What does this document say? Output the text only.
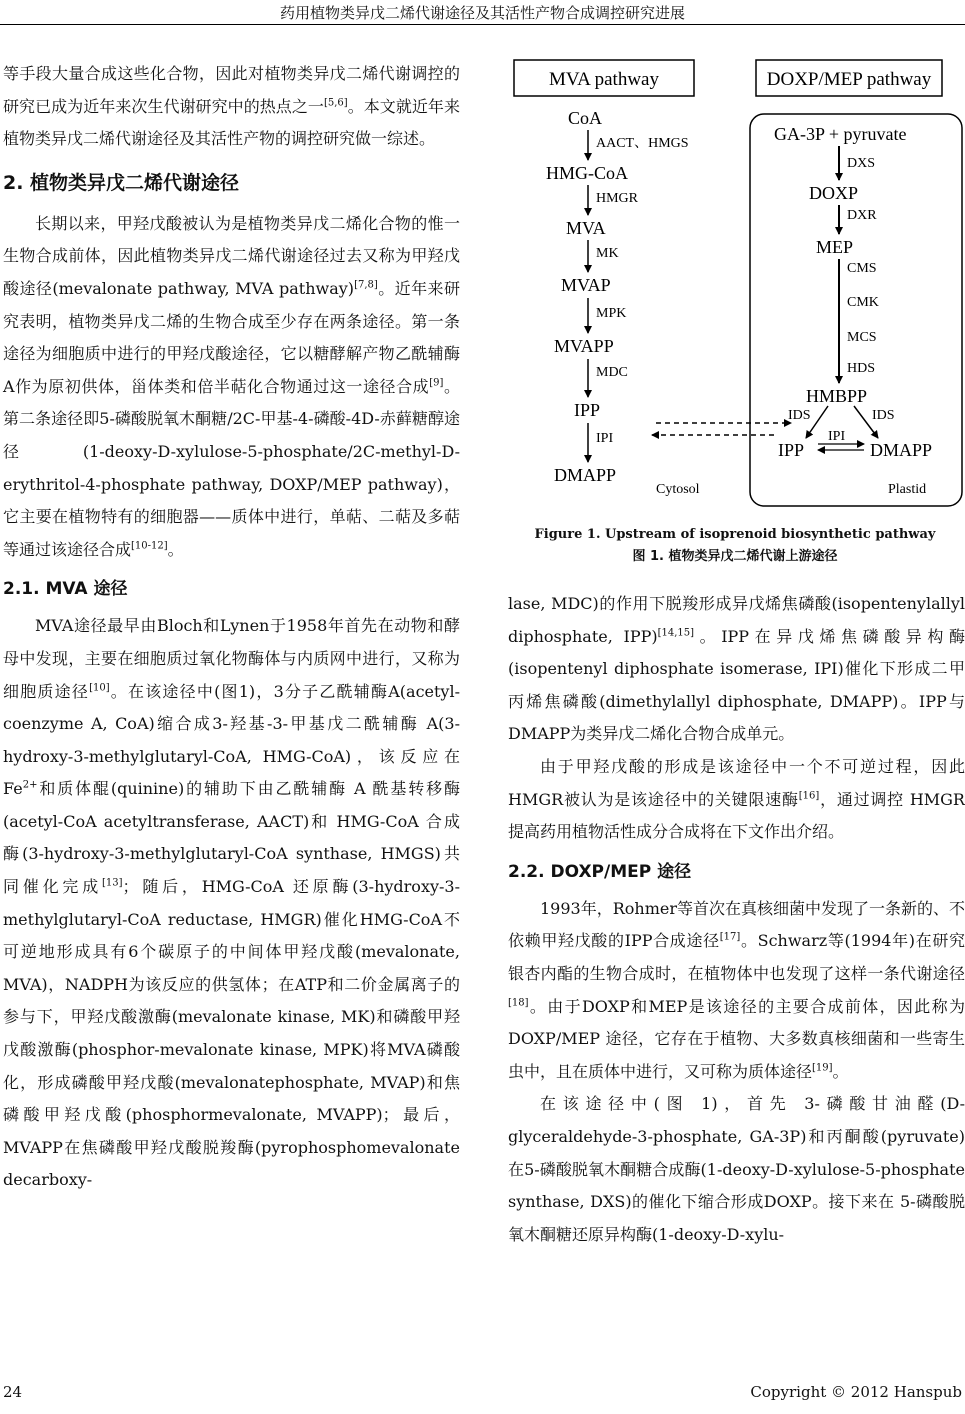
药用植物类异戊二烯代谢途径及其活性产物合成调控研究进展

等手段大量合成这些化合物，因此对植物类异戊二烯代谢调控的研究已成为近年来次生代谢研究中的热点之一[5,6]。本文就近年来植物类异戊二烯代谢途径及其活性产物的调控研究做一综述。

2. 植物类异戊二烯代谢途径

长期以来，甲羟戊酸被认为是植物类异戊二烯化合物的惟一生物合成前体，因此植物类异戊二烯代谢途径过去又称为甲羟戊酸途径(mevalonate pathway, MVA pathway)[7,8]。近年来研究表明，植物类异戊二烯的生物合成至少存在两条途径。第一条途径为细胞质中进行的甲羟戊酸途径，它以糖酵解产物乙酰辅酶A作为原初供体，甾体类和倍半萜化合物通过这一途径合成[9]。第二条途径即5-磷酸脱氧木酮糖/2C-甲基-4-磷酸-4D-赤藓糖醇途径(1-deoxy-D-xylulose-5-phosphate/2C-methyl-D-erythritol-4-phosphate pathway, DOXP/MEP pathway)，它主要在植物特有的细胞器——质体中进行，单萜、二萜及多萜等通过该途径合成[10-12]。

2.1. MVA 途径

MVA途径最早由Bloch和Lynen于1958年首先在动物和酵母中发现，主要在细胞质过氧化物酶体与内质网中进行，又称为细胞质途径[10]。在该途径中(图1)，3分子乙酰辅酶A(acetyl-coenzyme A, CoA)缩合成3-羟基-3-甲基戊二酰辅酶 A(3-hydroxy-3-methylglutaryl-CoA, HMG-CoA)，该反应在 $Fe^{2+}$和质体醌(quinine)的辅助下由乙酰辅酶 A 酰基转移酶(acetyl-CoA acetyltransferase, AACT)和 HMG-CoA 合成酶(3-hydroxy-3-methylglutaryl-CoA synthase, HMGS)共同催化完成[13]；随后，HMG-CoA 还原酶(3-hydroxy-3-methylglutaryl-CoA reductase, HMGR)催化HMG-CoA不可逆地形成具有6个碳原子的中间体甲羟戊酸(mevalonate, MVA)，NADPH为该反应的供氢体；在ATP和二价金属离子的参与下，甲羟戊酸激酶(mevalonate kinase, MK)和磷酸甲羟戊酸激酶(phosphor-mevalonate kinase, MPK)将MVA磷酸化，形成磷酸甲羟戊酸(mevalonatephosphate, MVAP)和焦磷酸甲羟戊酸(phosphormevalonate, MVAPP)；最后，MVAPP在焦磷酸甲羟戊酸脱羧酶(pyrophosphomevalonate decarboxy-

MVA pathway	DOXP/MEP pathway
CoA
HMG-CoA
MVA
MVAP
MVAPP
IPP
DMAPP
AACT、HMGS
HMGR
MK
MPK
MDC
IPI
GA-3P + pyruvate
DOXP
MEP
HMBPP
IPP	DMAPP
DXS
DXR
CMS
CMK
MCS
HDS
IDS	IDS
IPI
Cytosol	Plastid
Figure 1. Upstream of isoprenoid biosynthetic pathway
图 1. 植物类异戊二烯代谢上游途径

lase, MDC)的作用下脱羧形成异戊烯焦磷酸(isopentenylallyl diphosphate, IPP)[14,15]。IPP在异戊烯焦磷酸异构酶(isopentenyl diphosphate isomerase, IPI)催化下形成二甲丙烯焦磷酸(dimethylallyl diphosphate, DMAPP)。IPP与DMAPP为类异戊二烯化合物合成单元。

由于甲羟戊酸的形成是该途径中一个不可逆过程，因此HMGR被认为是该途径中的关键限速酶[16]，通过调控 HMGR 提高药用植物活性成分合成将在下文作出介绍。

2.2. DOXP/MEP 途径

1993年，Rohmer等首次在真核细菌中发现了一条新的、不依赖甲羟戊酸的IPP合成途径[17]。Schwarz等(1994年)在研究银杏内酯的生物合成时，在植物体中也发现了这样一条代谢途径[18]。由于DOXP和MEP是该途径的主要合成前体，因此称为 DOXP/MEP 途径，它存在于植物、大多数真核细菌和一些寄生虫中，且在质体中进行，又可称为质体途径[19]。

在该途径中(图 1)，首先 3-磷酸甘油醛(D-glyceraldehyde-3-phosphate, GA-3P)和丙酮酸(pyruvate)在5-磷酸脱氧木酮糖合成酶(1-deoxy-D-xylulose-5-phosphate synthase, DXS)的催化下缩合形成DOXP。接下来在 5-磷酸脱氧木酮糖还原异构酶(1-deoxy-D-xylu-

24	Copyright © 2012 Hanspub
